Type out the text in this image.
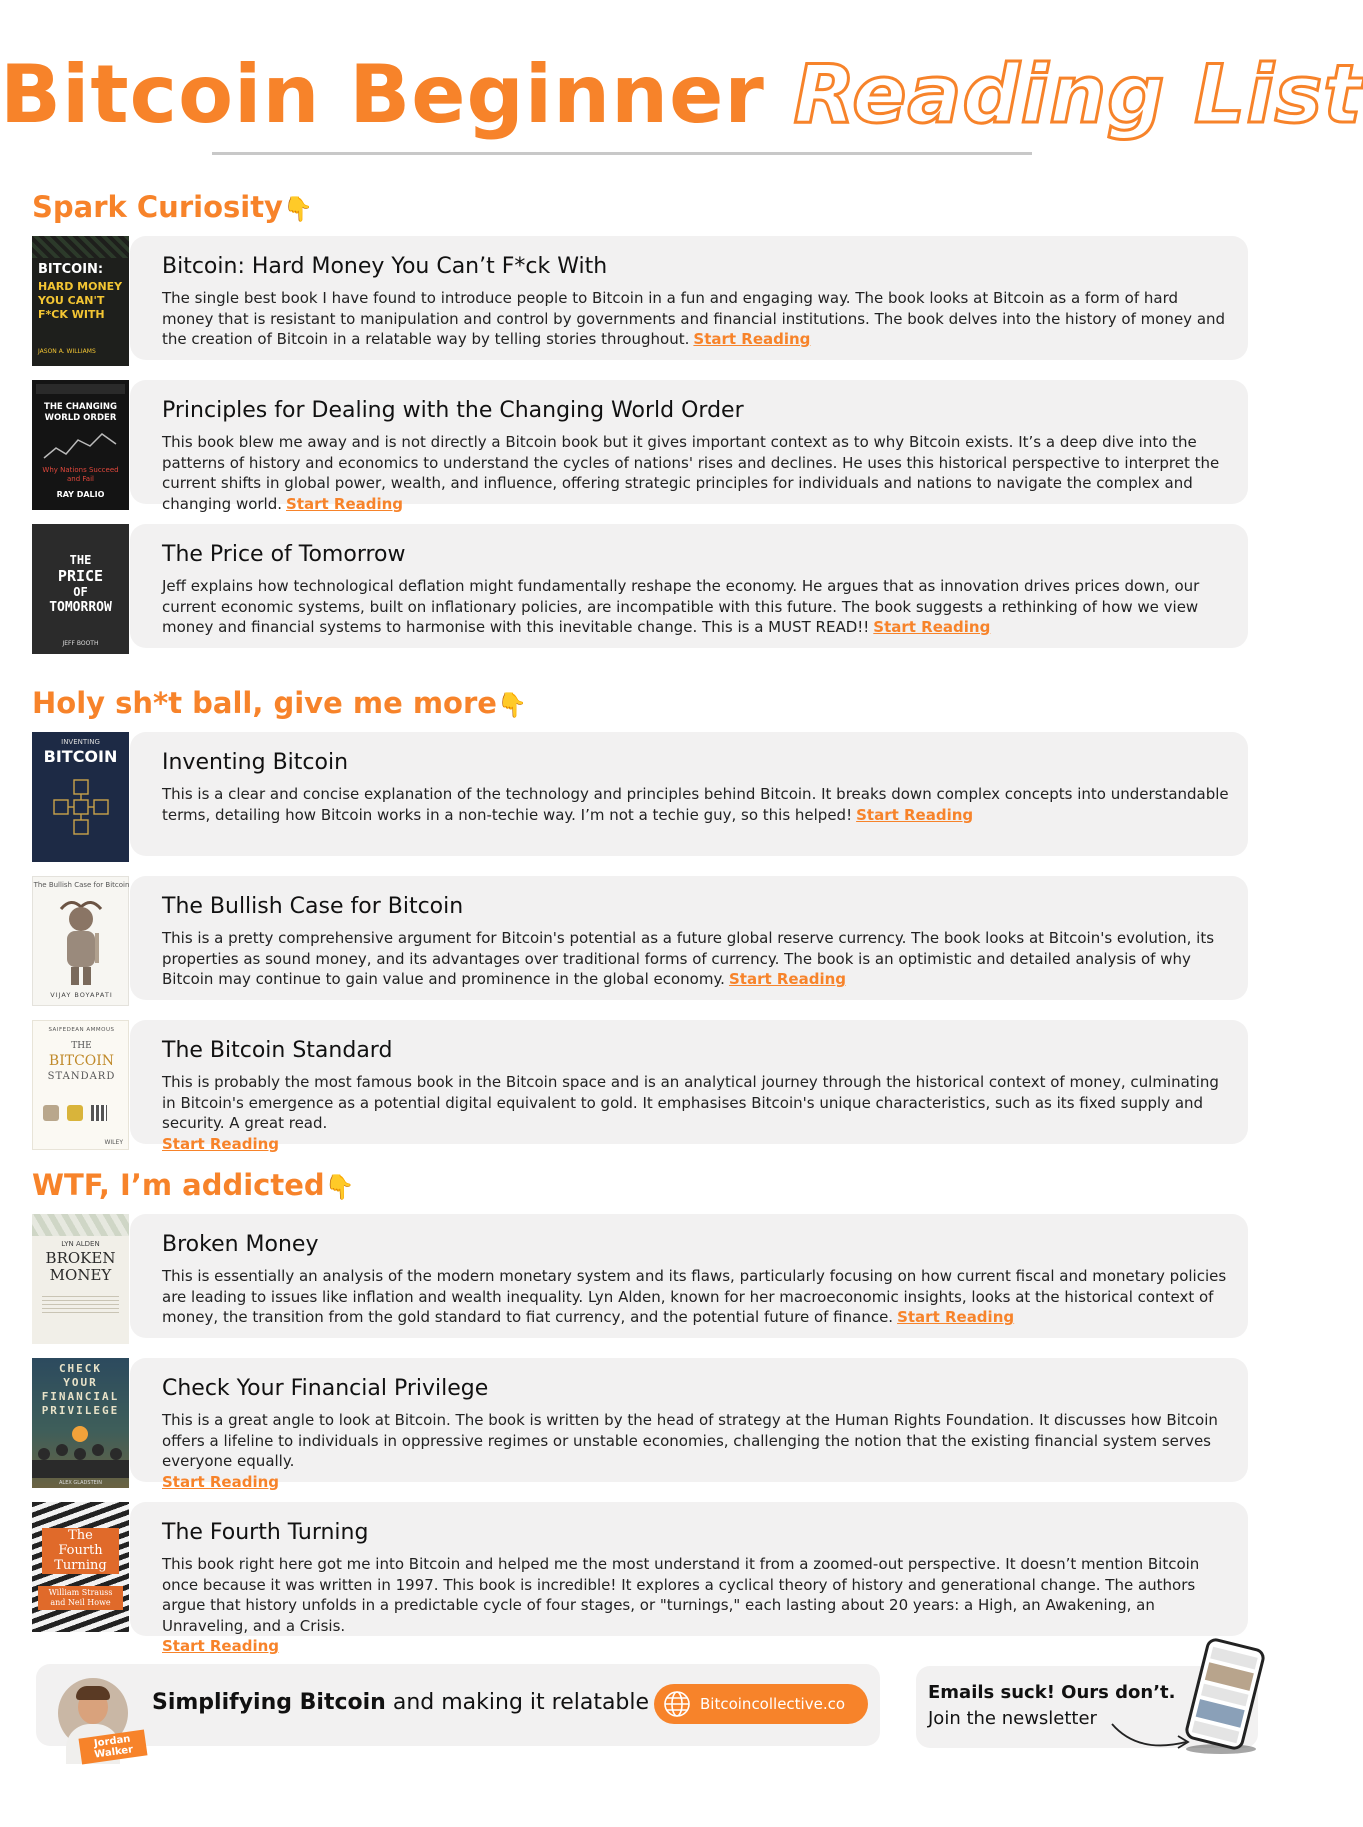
Bitcoin Beginner Reading List
Spark Curiosity👇
BITCOIN:
HARD MONEY
YOU CAN'T
F*CK WITH
JASON A. WILLIAMS
Bitcoin: Hard Money You Can’t F*ck With
The single best book I have found to introduce people to Bitcoin in a fun and engaging way. The book looks at Bitcoin as a form of hard money that is resistant to manipulation and control by governments and financial institutions. The book delves into the history of money and the creation of Bitcoin in a relatable way by telling stories throughout. Start Reading
THE CHANGING
WORLD ORDER
Why Nations Succeed and Fail
RAY DALIO
Principles for Dealing with the Changing World Order
This book blew me away and is not directly a Bitcoin book but it gives important context as to why Bitcoin exists. It’s a deep dive into the patterns of history and economics to understand the cycles of nations' rises and declines. He uses this historical perspective to interpret the current shifts in global power, wealth, and influence, offering strategic principles for individuals and nations to navigate the complex and changing world. Start Reading
THE
PRICE
OF
TOMORROW
JEFF BOOTH
The Price of Tomorrow
Jeff explains how technological deflation might fundamentally reshape the economy. He argues that as innovation drives prices down, our current economic systems, built on inflationary policies, are incompatible with this future. The book suggests a rethinking of how we view money and financial systems to harmonise with this inevitable change. This is a MUST READ!! Start Reading
Holy sh*t ball, give me more👇
INVENTING
BITCOIN	Inventing Bitcoin
This is a clear and concise explanation of the technology and principles behind Bitcoin. It breaks down complex concepts into understandable terms, detailing how Bitcoin works in a non-techie way. I’m not a techie guy, so this helped! Start Reading
The Bullish Case for Bitcoin
VIJAY BOYAPATI
The Bullish Case for Bitcoin
This is a pretty comprehensive argument for Bitcoin's potential as a future global reserve currency. The book looks at Bitcoin's evolution, its properties as sound money, and its advantages over traditional forms of currency. The book is an optimistic and detailed analysis of why Bitcoin may continue to gain value and prominence in the global economy. Start Reading
SAIFEDEAN AMMOUS
THE
BITCOIN
STANDARD
WILEY
The Bitcoin Standard
This is probably the most famous book in the Bitcoin space and is an analytical journey through the historical context of money, culminating in Bitcoin's emergence as a potential digital equivalent to gold. It emphasises Bitcoin's unique characteristics, such as its fixed supply and security. A great read.
Start Reading
WTF, I’m addicted👇
LYN ALDEN
BROKEN
MONEY
Broken Money
This is essentially an analysis of the modern monetary system and its flaws, particularly focusing on how current fiscal and monetary policies are leading to issues like inflation and wealth inequality. Lyn Alden, known for her macroeconomic insights, looks at the historical context of money, the transition from the gold standard to fiat currency, and the potential future of finance. Start Reading
CHECK
YOUR
FINANCIAL
PRIVILEGE
ALEX GLADSTEIN
Check Your Financial Privilege
This is a great angle to look at Bitcoin. The book is written by the head of strategy at the Human Rights Foundation. It discusses how Bitcoin offers a lifeline to individuals in oppressive regimes or unstable economies, challenging the notion that the existing financial system serves everyone equally.
Start Reading
The
Fourth
Turning
William Strauss and Neil Howe
The Fourth Turning
This book right here got me into Bitcoin and helped me the most understand it from a zoomed-out perspective. It doesn’t mention Bitcoin once because it was written in 1997. This book is incredible! It explores a cyclical theory of history and generational change. The authors argue that history unfolds in a predictable cycle of four stages, or "turnings," each lasting about 20 years: a High, an Awakening, an Unraveling, and a Crisis.
Start Reading
Jordan Walker
Simplifying Bitcoin and making it relatable	Bitcoincollective.co
Emails suck! Ours don’t.
Join the newsletter
